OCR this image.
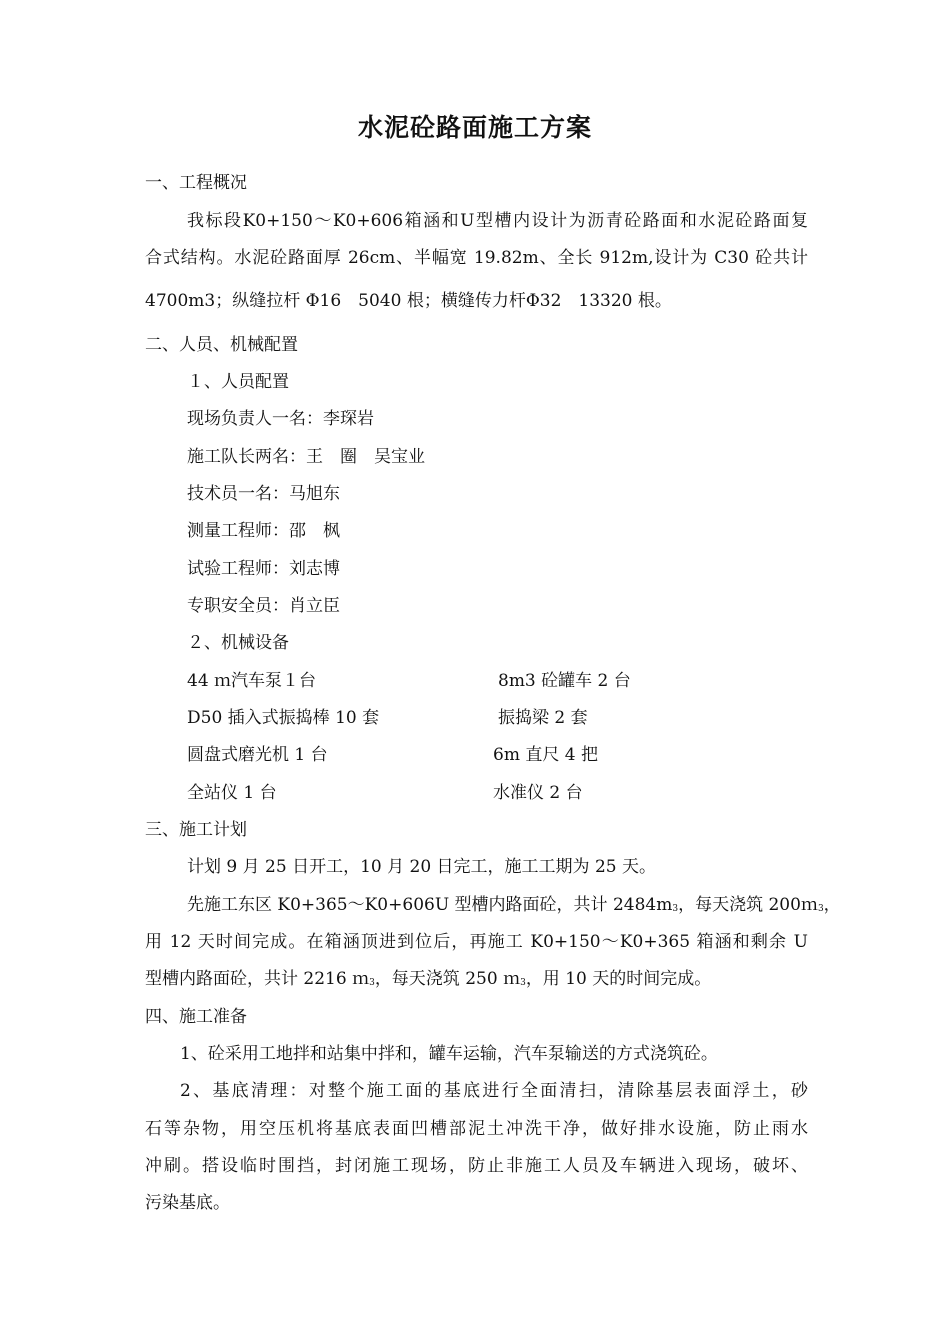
水泥砼路面施工方案
一、工程概况
我标段K0+150～K0+606箱涵和U型槽内设计为沥青砼路面和水泥砼路面复
合式结构。水泥砼路面厚 26cm、半幅宽 19.82m、全长 912m,设计为 C30 砼共计
4700m3；纵缝拉杆 Φ16　5040 根；横缝传力杆Φ32　13320 根。
二、人员、机械配置
１、人员配置
现场负责人一名：李琛岩
施工队长两名：王　圈　吴宝业
技术员一名：马旭东
测量工程师：邵　枫
试验工程师：刘志博
专职安全员：肖立臣
２、机械设备
44 ｍ汽车泵１台	8m3 砼罐车 2 台
D50 插入式振捣棒 10 套	振捣梁 2 套
圆盘式磨光机 1 台	6m 直尺 4 把
全站仪 1 台	水准仪 2 台
三、施工计划
计划 9 月 25 日开工，10 月 20 日完工，施工工期为 25 天。
先施工东区 K0+365～K0+606U 型槽内路面砼，共计 2484m3，每天浇筑 200ｍ3，
用 12 天时间完成。在箱涵顶进到位后，再施工 K0+150～K0+365 箱涵和剩余 U
型槽内路面砼，共计 2216 ｍ3，每天浇筑 250 ｍ3，用 10 天的时间完成。
四、施工准备
1、砼采用工地拌和站集中拌和，罐车运输，汽车泵输送的方式浇筑砼。
2、基底清理：对整个施工面的基底进行全面清扫，清除基层表面浮土，砂
石等杂物，用空压机将基底表面凹槽部泥土冲洗干净，做好排水设施，防止雨水
冲刷。搭设临时围挡，封闭施工现场，防止非施工人员及车辆进入现场，破坏、
污染基底。
